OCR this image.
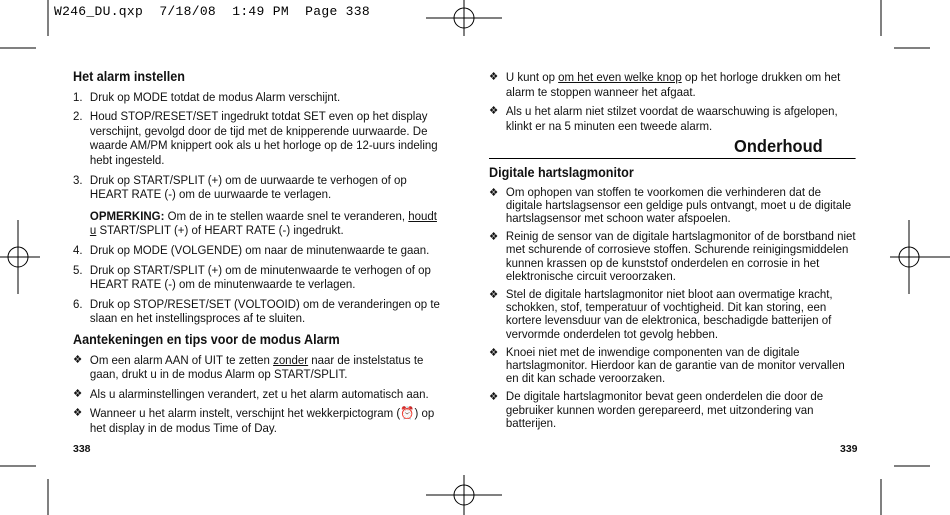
W246_DU.qxp  7/18/08  1:49 PM  Page 338
Het alarm instellen
1. Druk op MODE totdat de modus Alarm verschijnt.
2. Houd STOP/RESET/SET ingedrukt totdat SET even op het display verschijnt, gevolgd door de tijd met de knipperende uurwaarde. De waarde AM/PM knippert ook als u het horloge op de 12-uurs indeling hebt ingesteld.
3. Druk op START/SPLIT (+) om de uurwaarde te verhogen of op HEART RATE (-) om de uurwaarde te verlagen.
OPMERKING: Om de in te stellen waarde snel te veranderen, houdt u START/SPLIT (+) of HEART RATE (-) ingedrukt.
4. Druk op MODE (VOLGENDE) om naar de minutenwaarde te gaan.
5. Druk op START/SPLIT (+) om de minutenwaarde te verhogen of op HEART RATE (-) om de minutenwaarde te verlagen.
6. Druk op STOP/RESET/SET (VOLTOOID) om de veranderingen op te slaan en het instellingsproces af te sluiten.
Aantekeningen en tips voor de modus Alarm
❖ Om een alarm AAN of UIT te zetten zonder naar de instelstatus te gaan, drukt u in de modus Alarm op START/SPLIT.
❖ Als u alarminstellingen verandert, zet u het alarm automatisch aan.
❖ Wanneer u het alarm instelt, verschijnt het wekkerpictogram (⏰) op het display in de modus Time of Day.
338
❖ U kunt op om het even welke knop op het horloge drukken om het alarm te stoppen wanneer het afgaat.
❖ Als u het alarm niet stilzet voordat de waarschuwing is afgelopen, klinkt er na 5 minuten een tweede alarm.
Onderhoud
Digitale hartslagmonitor
❖ Om ophopen van stoffen te voorkomen die verhinderen dat de digitale hartslagsensor een geldige puls ontvangt, moet u de digitale hartslagsensor met schoon water afspoelen.
❖ Reinig de sensor van de digitale hartslagmonitor of de borstband niet met schurende of corrosieve stoffen. Schurende reinigingsmiddelen kunnen krassen op de kunststof onderdelen en corrosie in het elektronische circuit veroorzaken.
❖ Stel de digitale hartslagmonitor niet bloot aan overmatige kracht, schokken, stof, temperatuur of vochtigheid. Dit kan storing, een kortere levensduur van de elektronica, beschadigde batterijen of vervormde onderdelen tot gevolg hebben.
❖ Knoei niet met de inwendige componenten van de digitale hartslagmonitor. Hierdoor kan de garantie van de monitor vervallen en dit kan schade veroorzaken.
❖ De digitale hartslagmonitor bevat geen onderdelen die door de gebruiker kunnen worden gerepareerd, met uitzondering van batterijen.
339
